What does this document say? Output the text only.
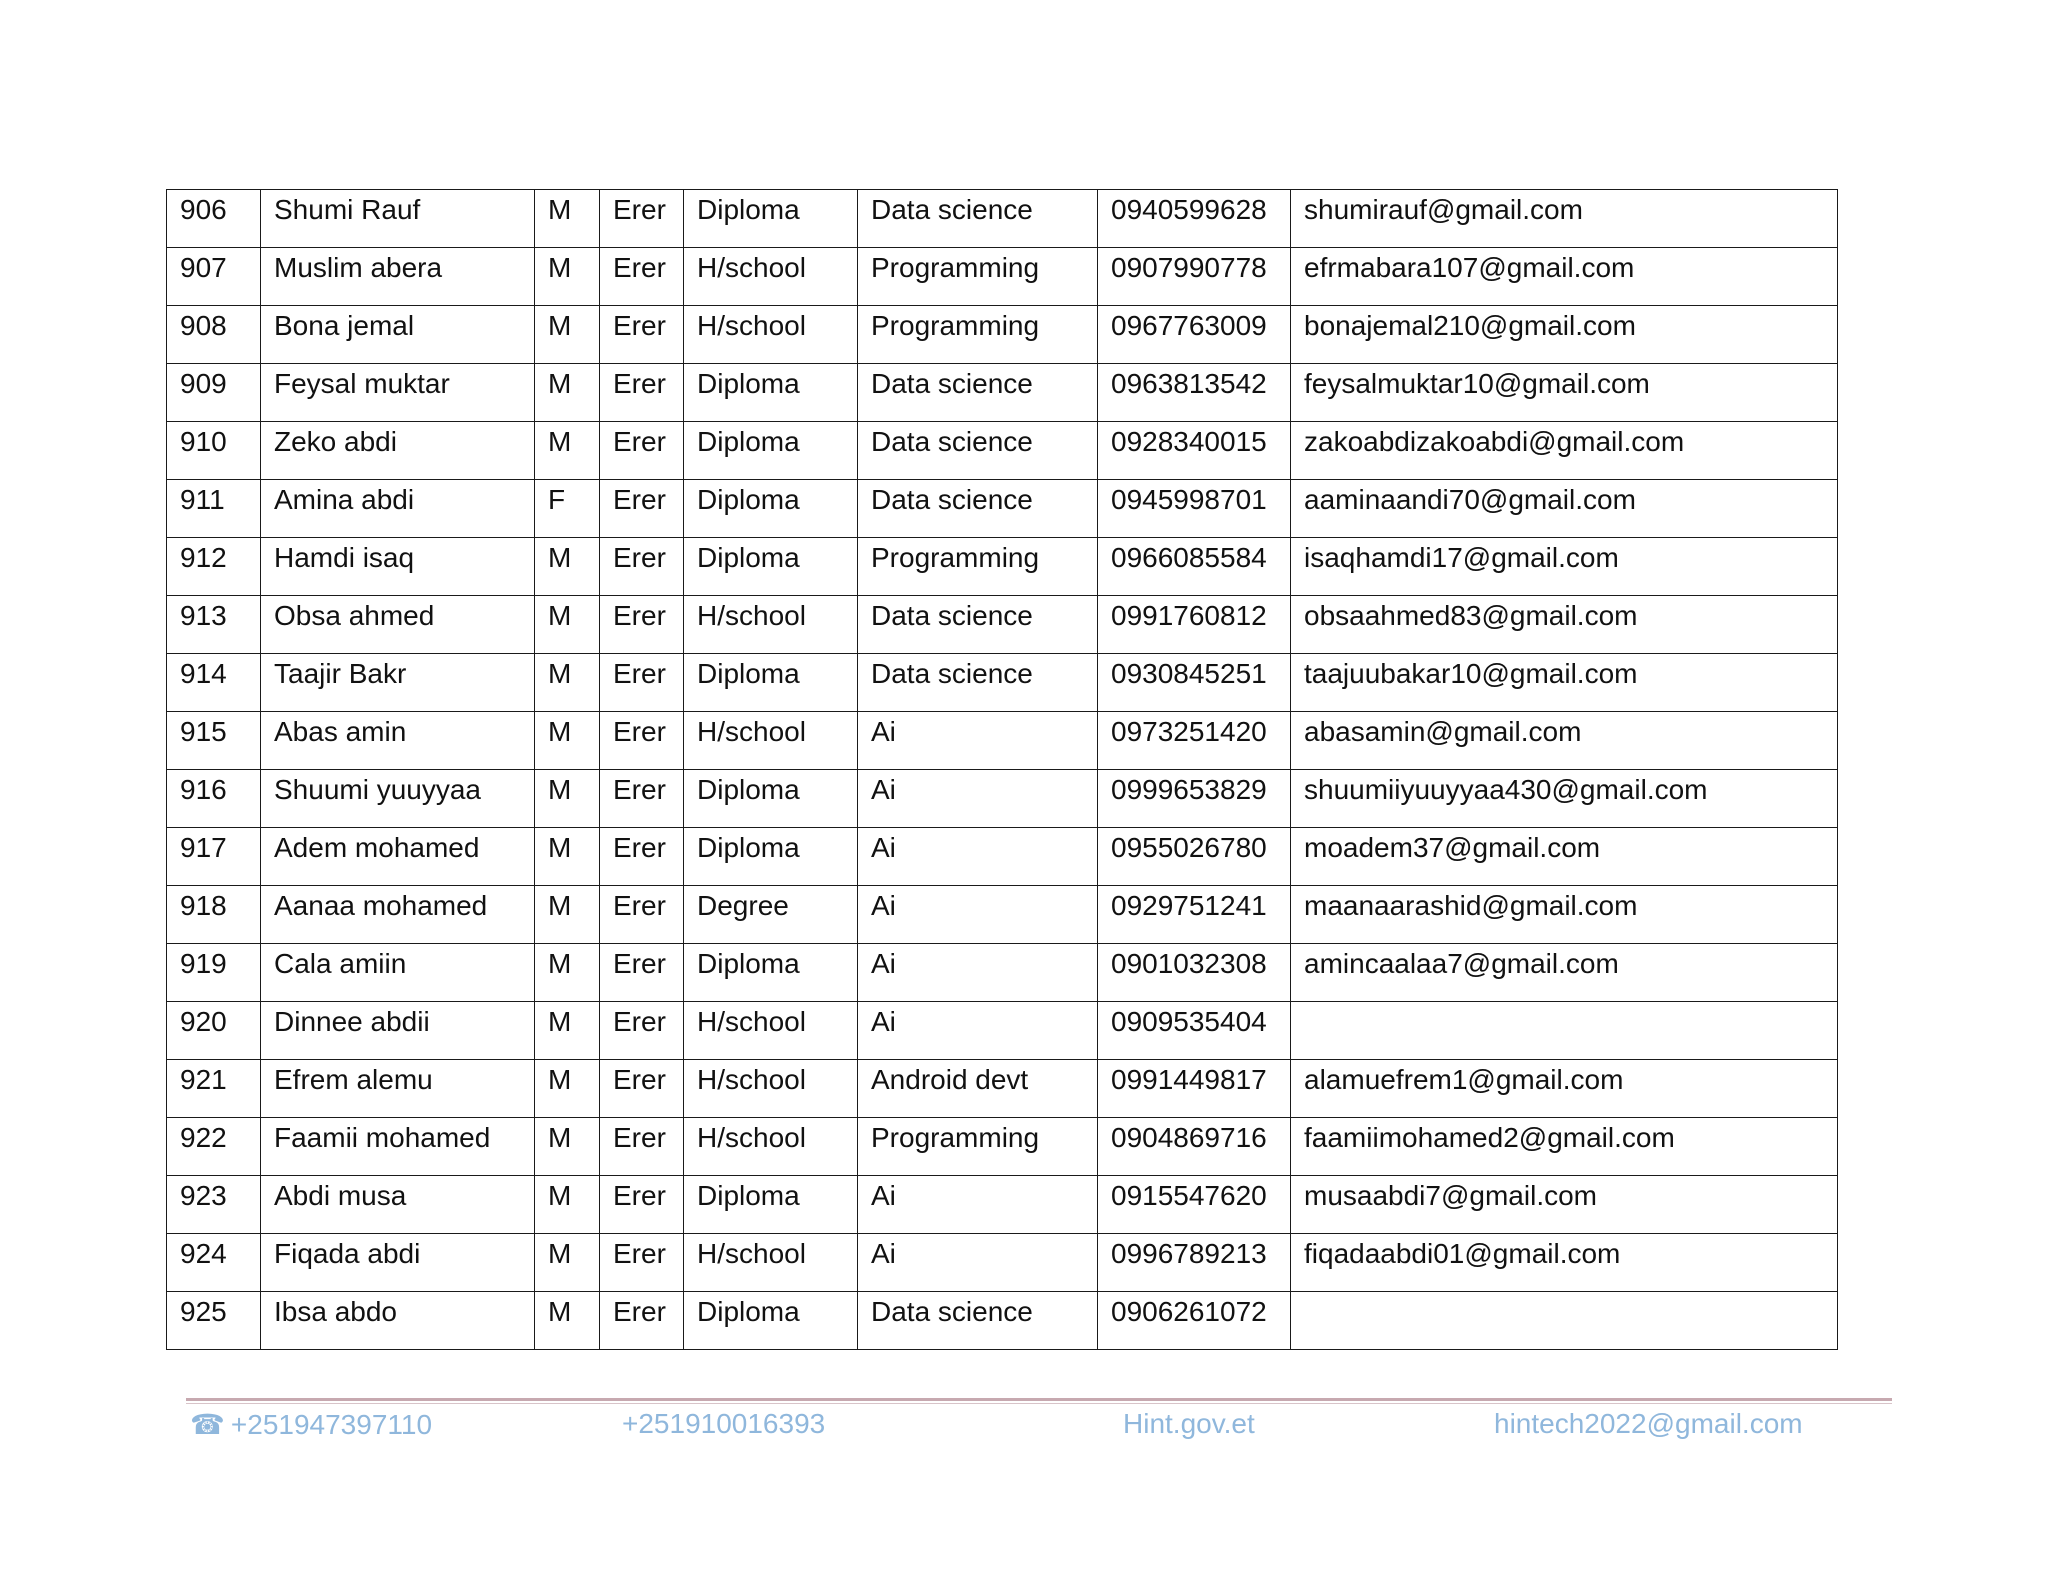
906	Shumi Rauf	M	Erer	Diploma	Data science	0940599628	shumirauf@gmail.com
907	Muslim abera	M	Erer	H/school	Programming	0907990778	efrmabara107@gmail.com
908	Bona jemal	M	Erer	H/school	Programming	0967763009	bonajemal210@gmail.com
909	Feysal muktar	M	Erer	Diploma	Data science	0963813542	feysalmuktar10@gmail.com
910	Zeko abdi	M	Erer	Diploma	Data science	0928340015	zakoabdizakoabdi@gmail.com
911	Amina abdi	F	Erer	Diploma	Data science	0945998701	aaminaandi70@gmail.com
912	Hamdi isaq	M	Erer	Diploma	Programming	0966085584	isaqhamdi17@gmail.com
913	Obsa ahmed	M	Erer	H/school	Data science	0991760812	obsaahmed83@gmail.com
914	Taajir Bakr	M	Erer	Diploma	Data science	0930845251	taajuubakar10@gmail.com
915	Abas amin	M	Erer	H/school	Ai	0973251420	abasamin@gmail.com
916	Shuumi yuuyyaa	M	Erer	Diploma	Ai	0999653829	shuumiiyuuyyaa430@gmail.com
917	Adem mohamed	M	Erer	Diploma	Ai	0955026780	moadem37@gmail.com
918	Aanaa mohamed	M	Erer	Degree	Ai	0929751241	maanaarashid@gmail.com
919	Cala amiin	M	Erer	Diploma	Ai	0901032308	amincaalaa7@gmail.com
920	Dinnee abdii	M	Erer	H/school	Ai	0909535404	
921	Efrem alemu	M	Erer	H/school	Android devt	0991449817	alamuefrem1@gmail.com
922	Faamii mohamed	M	Erer	H/school	Programming	0904869716	faamiimohamed2@gmail.com
923	Abdi musa	M	Erer	Diploma	Ai	0915547620	musaabdi7@gmail.com
924	Fiqada abdi	M	Erer	H/school	Ai	0996789213	fiqadaabdi01@gmail.com
925	Ibsa abdo	M	Erer	Diploma	Data science	0906261072	
☎ +251947397110	+251910016393	Hint.gov.et	hintech2022@gmail.com
